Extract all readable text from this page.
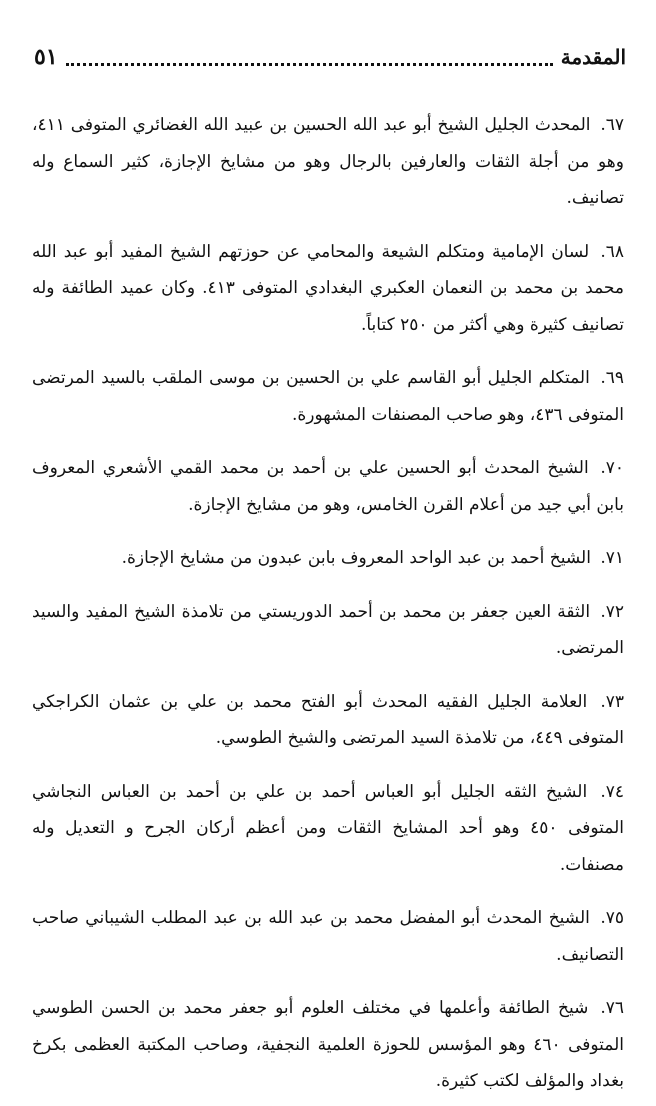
المقدمة
٥١

٦٧. المحدث الجليل الشيخ أبو عبد الله الحسين بن عبيد الله الغضائري المتوفى ٤١١، وهو من أجلة الثقات والعارفين بالرجال وهو من مشايخ الإجازة، كثير السماع وله تصانيف.

٦٨. لسان الإمامية ومتكلم الشيعة والمحامي عن حوزتهم الشيخ المفيد أبو عبد الله محمد بن محمد بن النعمان العكبري البغدادي المتوفى ٤١٣. وكان عميد الطائفة وله تصانيف كثيرة وهي أكثر من ٢٥٠ كتاباً.

٦٩. المتكلم الجليل أبو القاسم علي بن الحسين بن موسى الملقب بالسيد المرتضى المتوفى ٤٣٦، وهو صاحب المصنفات المشهورة.

٧٠. الشيخ المحدث أبو الحسين علي بن أحمد بن محمد القمي الأشعري المعروف بابن أبي جيد من أعلام القرن الخامس، وهو من مشايخ الإجازة.

٧١. الشيخ أحمد بن عبد الواحد المعروف بابن عبدون من مشايخ الإجازة.

٧٢. الثقة العين جعفر بن محمد بن أحمد الدوريستي من تلامذة الشيخ المفيد والسيد المرتضى.

٧٣. العلامة الجليل الفقيه المحدث أبو الفتح محمد بن علي بن عثمان الكراجكي المتوفى ٤٤٩، من تلامذة السيد المرتضى والشيخ الطوسي.

٧٤. الشيخ الثقه الجليل أبو العباس أحمد بن علي بن أحمد بن العباس النجاشي المتوفى ٤٥٠ وهو أحد المشايخ الثقات ومن أعظم أركان الجرح و التعديل وله مصنفات.

٧٥. الشيخ المحدث أبو المفضل محمد بن عبد الله بن عبد المطلب الشيباني صاحب التصانيف.

٧٦. شيخ الطائفة وأعلمها في مختلف العلوم أبو جعفر محمد بن الحسن الطوسي المتوفى ٤٦٠ وهو المؤسس للحوزة العلمية النجفية، وصاحب المكتبة العظمى بكرخ بغداد والمؤلف لكتب كثيرة.
